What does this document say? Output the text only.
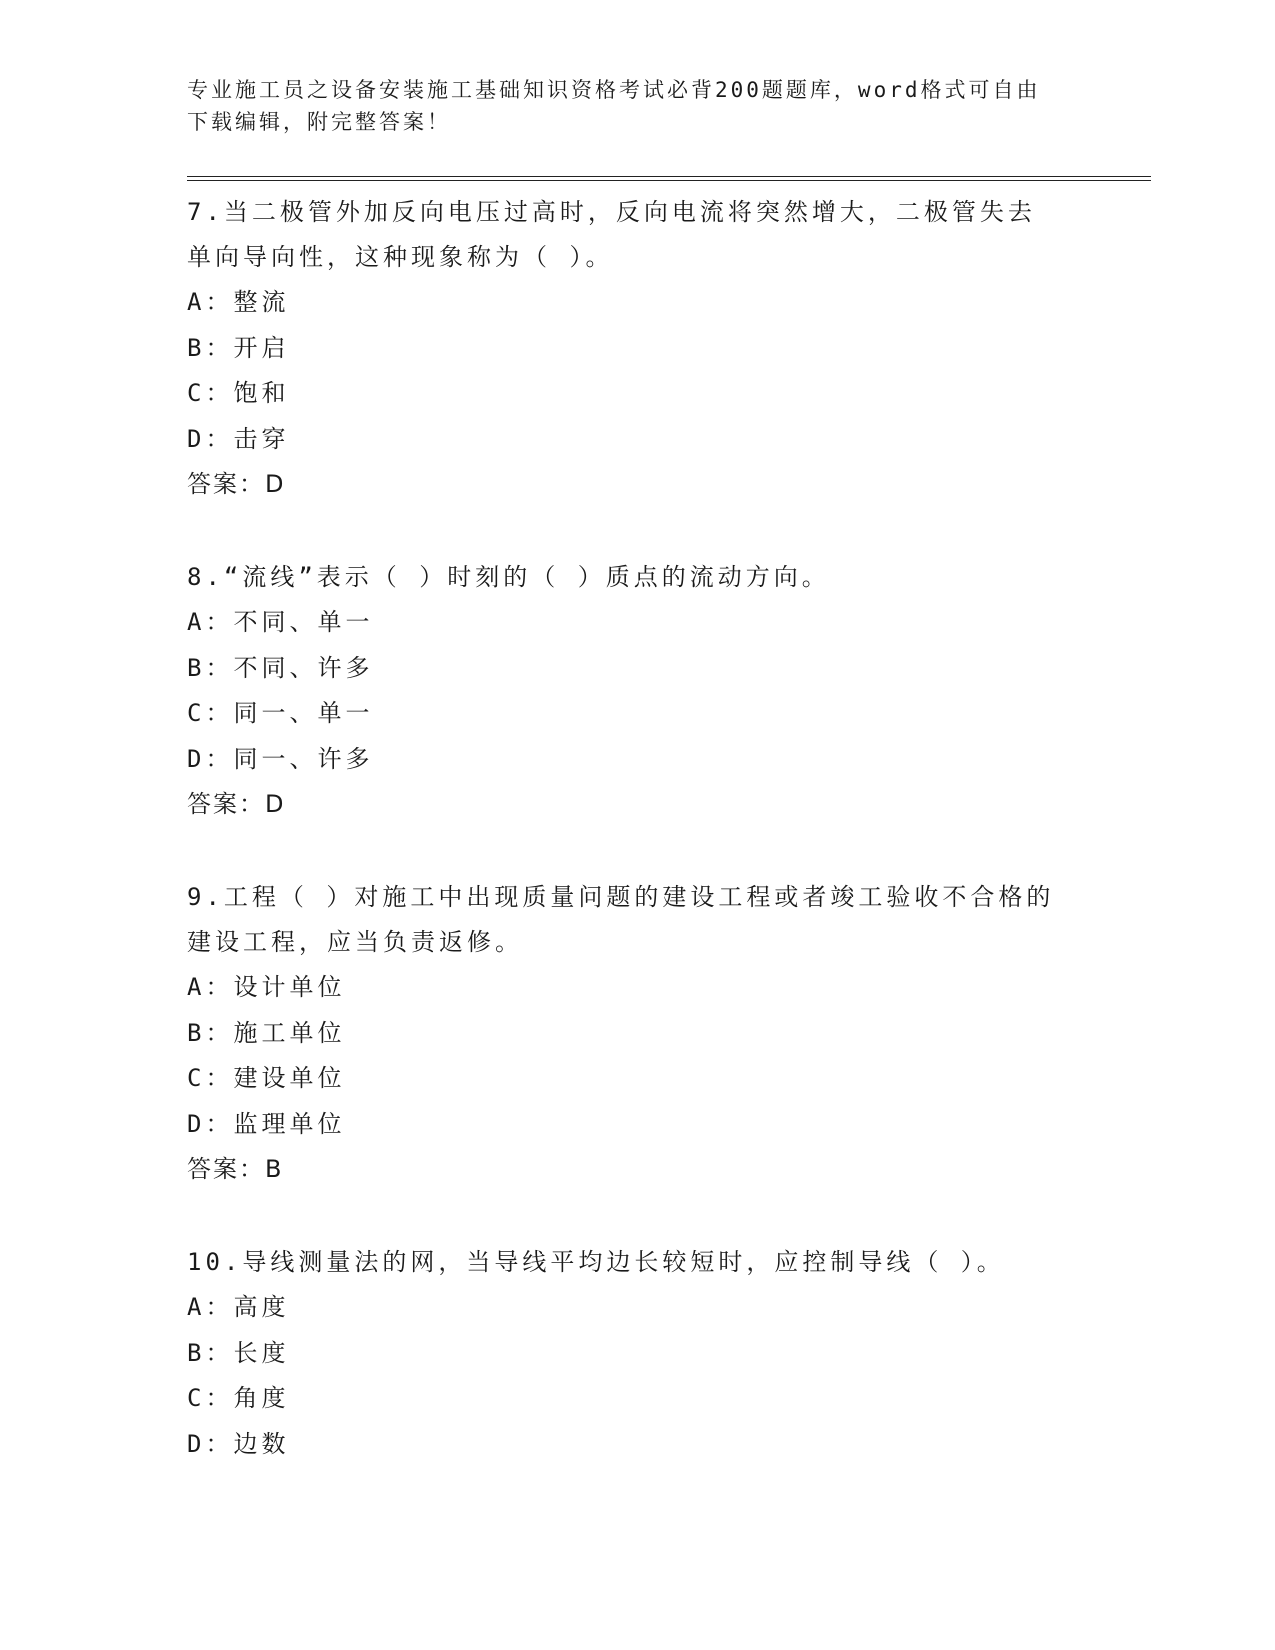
专业施工员之设备安装施工基础知识资格考试必背200题题库，word格式可自由
下载编辑，附完整答案！

7.当二极管外加反向电压过高时，反向电流将突然增大，二极管失去

单向导向性，这种现象称为（ ）。

A：整流

B：开启

C：饱和

D：击穿

答案：D

8.“流线”表示（ ）时刻的（ ）质点的流动方向。

A：不同、单一

B：不同、许多

C：同一、单一

D：同一、许多

答案：D

9.工程（ ）对施工中出现质量问题的建设工程或者竣工验收不合格的

建设工程，应当负责返修。

A：设计单位

B：施工单位

C：建设单位

D：监理单位

答案：B

10.导线测量法的网，当导线平均边长较短时，应控制导线（ ）。

A：高度

B：长度

C：角度

D：边数
